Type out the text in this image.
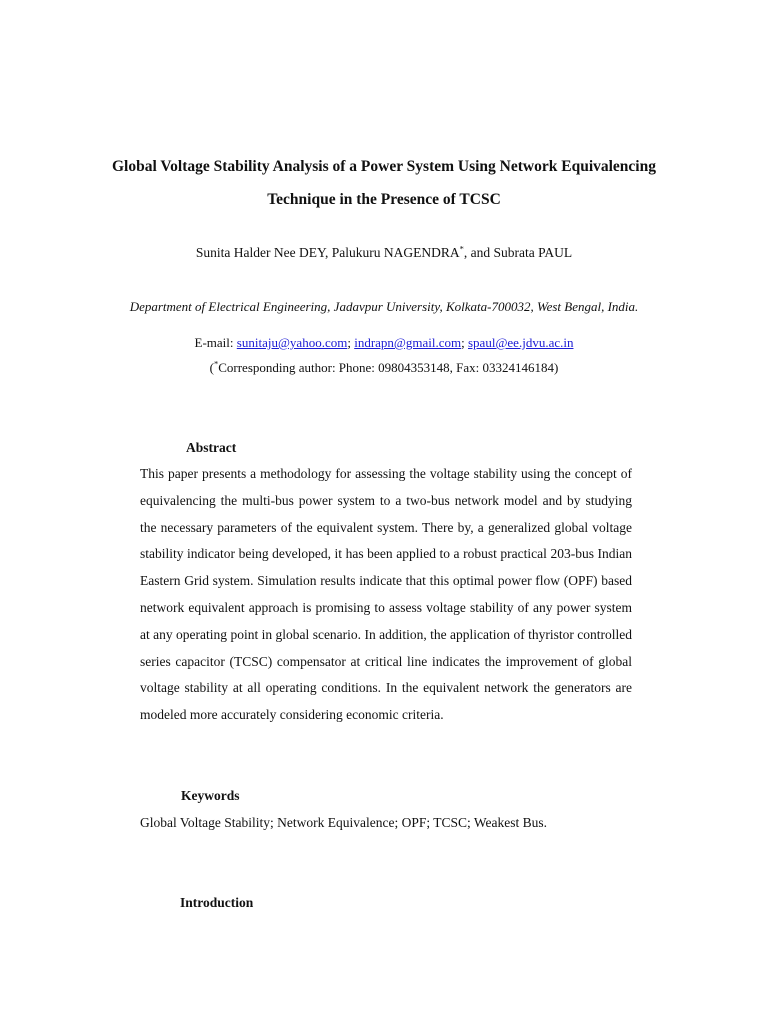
Global Voltage Stability Analysis of a Power System Using Network Equivalencing Technique in the Presence of TCSC

Sunita Halder Nee DEY, Palukuru NAGENDRA*, and Subrata PAUL

Department of Electrical Engineering, Jadavpur University, Kolkata-700032, West Bengal, India.

E-mail: sunitaju@yahoo.com; indrapn@gmail.com; spaul@ee.jdvu.ac.in

(*Corresponding author: Phone: 09804353148, Fax: 03324146184)

Abstract

This paper presents a methodology for assessing the voltage stability using the concept of equivalencing the multi-bus power system to a two-bus network model and by studying the necessary parameters of the equivalent system. There by, a generalized global voltage stability indicator being developed, it has been applied to a robust practical 203-bus Indian Eastern Grid system. Simulation results indicate that this optimal power flow (OPF) based network equivalent approach is promising to assess voltage stability of any power system at any operating point in global scenario. In addition, the application of thyristor controlled series capacitor (TCSC) compensator at critical line indicates the improvement of global voltage stability at all operating conditions. In the equivalent network the generators are modeled more accurately considering economic criteria.

Keywords

Global Voltage Stability; Network Equivalence; OPF; TCSC; Weakest Bus.

Introduction
